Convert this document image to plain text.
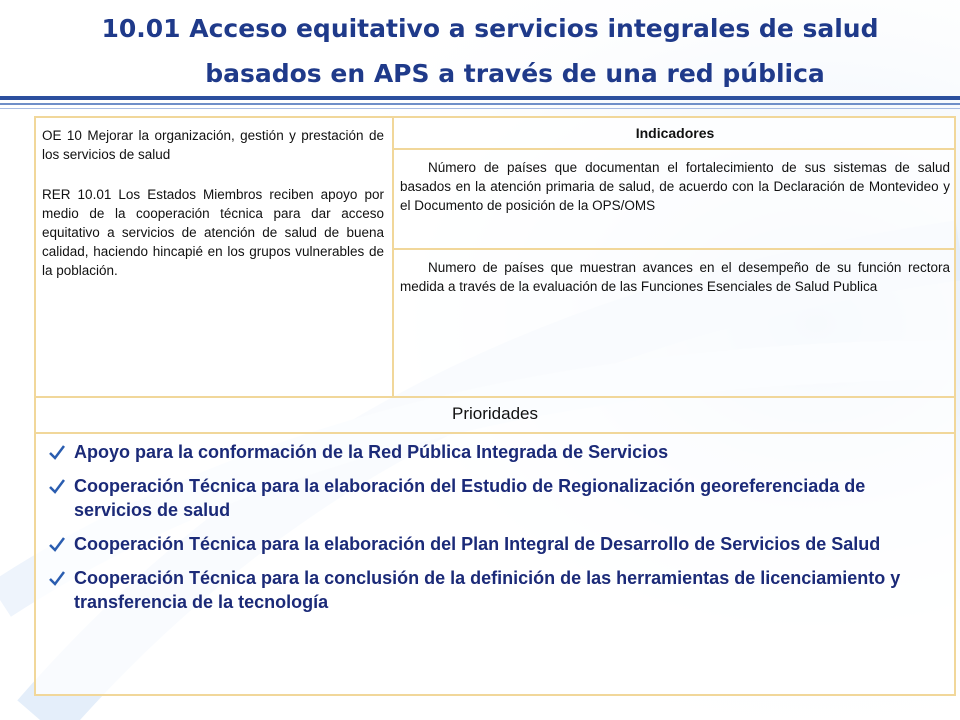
10.01 Acceso equitativo a servicios integrales de salud
basados en APS a través de una red pública

OE 10 Mejorar la organización, gestión y prestación de los servicios de salud

RER 10.01 Los Estados Miembros reciben apoyo por medio de la cooperación técnica para dar acceso equitativo a servicios de atención de salud de buena calidad, haciendo hincapié en los grupos vulnerables de la población.

Indicadores
Número de países que documentan el fortalecimiento de sus sistemas de salud basados en la atención primaria de salud, de acuerdo con la Declaración de Montevideo y el Documento de posición de la OPS/OMS
Numero de países que muestran avances en el desempeño de su función rectora medida a través de la evaluación de las Funciones Esenciales de Salud Publica
Prioridades
Apoyo para la conformación de la Red Pública Integrada de Servicios
Cooperación Técnica para la elaboración del Estudio de Regionalización georeferenciada de servicios de salud
Cooperación Técnica para la elaboración del Plan Integral de Desarrollo de Servicios de Salud
Cooperación Técnica para la conclusión de la definición de las herramientas de licenciamiento y transferencia de la tecnología
